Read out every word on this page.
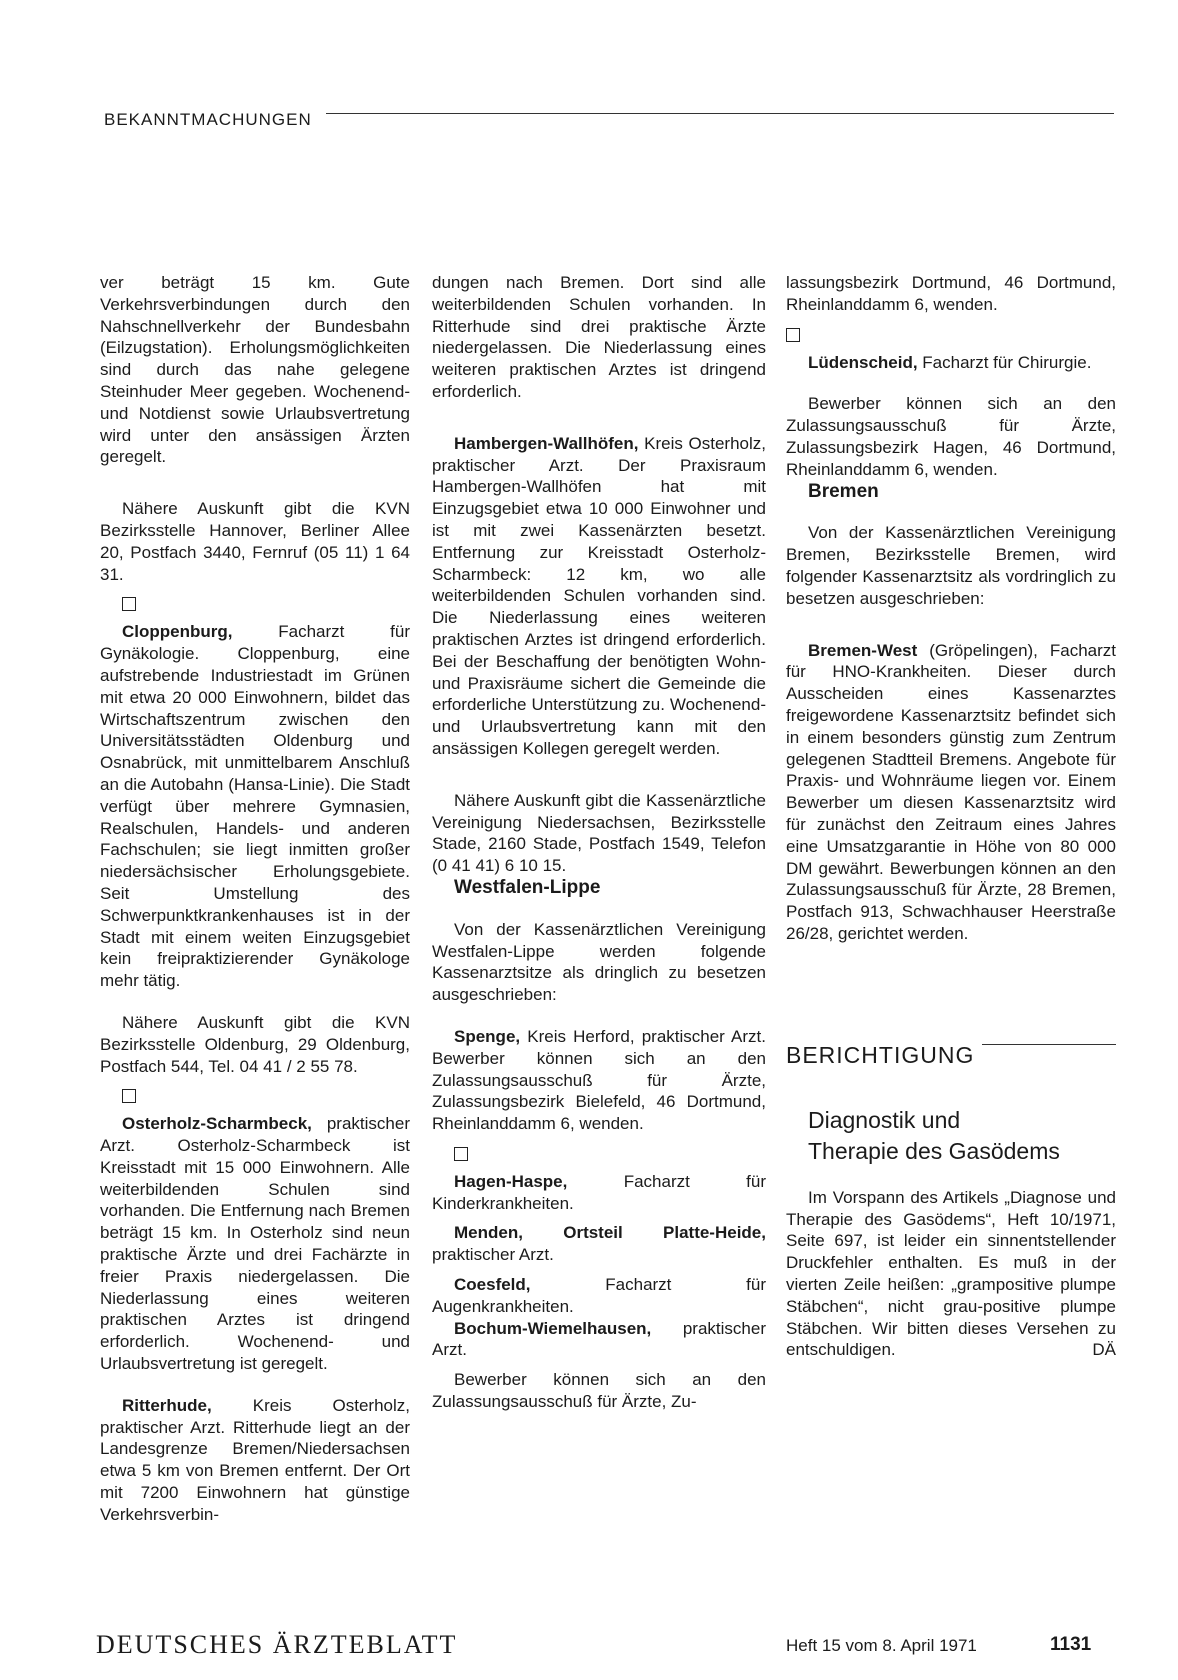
BEKANNTMACHUNGEN

ver beträgt 15 km. Gute Verkehrsverbindungen durch den Nahschnellverkehr der Bundesbahn (Eilzugstation). Erholungsmöglichkeiten sind durch das nahe gelegene Steinhuder Meer gegeben. Wochenend- und Notdienst sowie Urlaubsvertretung wird unter den ansässigen Ärzten geregelt.

Nähere Auskunft gibt die KVN Bezirksstelle Hannover, Berliner Allee 20, Postfach 3440, Fernruf (05 11) 1 64 31.

Cloppenburg, Facharzt für Gynäkologie. Cloppenburg, eine aufstrebende Industriestadt im Grünen mit etwa 20 000 Einwohnern, bildet das Wirtschaftszentrum zwischen den Universitätsstädten Oldenburg und Osnabrück, mit unmittelbarem Anschluß an die Autobahn (Hansa-Linie). Die Stadt verfügt über mehrere Gymnasien, Realschulen, Handels- und anderen Fachschulen; sie liegt inmitten großer niedersächsischer Erholungsgebiete. Seit Umstellung des Schwerpunktkrankenhauses ist in der Stadt mit einem weiten Einzugsgebiet kein freipraktizierender Gynäkologe mehr tätig.

Nähere Auskunft gibt die KVN Bezirksstelle Oldenburg, 29 Oldenburg, Postfach 544, Tel. 04 41 / 2 55 78.

Osterholz-Scharmbeck, praktischer Arzt. Osterholz-Scharmbeck ist Kreisstadt mit 15 000 Einwohnern. Alle weiterbildenden Schulen sind vorhanden. Die Entfernung nach Bremen beträgt 15 km. In Osterholz sind neun praktische Ärzte und drei Fachärzte in freier Praxis niedergelassen. Die Niederlassung eines weiteren praktischen Arztes ist dringend erforderlich. Wochenend- und Urlaubsvertretung ist geregelt.

Ritterhude, Kreis Osterholz, praktischer Arzt. Ritterhude liegt an der Landesgrenze Bremen/Niedersachsen etwa 5 km von Bremen entfernt. Der Ort mit 7200 Einwohnern hat günstige Verkehrsverbin-

dungen nach Bremen. Dort sind alle weiterbildenden Schulen vorhanden. In Ritterhude sind drei praktische Ärzte niedergelassen. Die Niederlassung eines weiteren praktischen Arztes ist dringend erforderlich.

Hambergen-Wallhöfen, Kreis Osterholz, praktischer Arzt. Der Praxisraum Hambergen-Wallhöfen hat mit Einzugsgebiet etwa 10 000 Einwohner und ist mit zwei Kassenärzten besetzt. Entfernung zur Kreisstadt Osterholz-Scharmbeck: 12 km, wo alle weiterbildenden Schulen vorhanden sind. Die Niederlassung eines weiteren praktischen Arztes ist dringend erforderlich. Bei der Beschaffung der benötigten Wohn- und Praxisräume sichert die Gemeinde die erforderliche Unterstützung zu. Wochenend- und Urlaubsvertretung kann mit den ansässigen Kollegen geregelt werden.

Nähere Auskunft gibt die Kassenärztliche Vereinigung Niedersachsen, Bezirksstelle Stade, 2160 Stade, Postfach 1549, Telefon (0 41 41) 6 10 15.

Westfalen-Lippe

Von der Kassenärztlichen Vereinigung Westfalen-Lippe werden folgende Kassenarztsitze als dringlich zu besetzen ausgeschrieben:

Spenge, Kreis Herford, praktischer Arzt. Bewerber können sich an den Zulassungsausschuß für Ärzte, Zulassungsbezirk Bielefeld, 46 Dortmund, Rheinlanddamm 6, wenden.

Hagen-Haspe, Facharzt für Kinderkrankheiten.

Menden, Ortsteil Platte-Heide, praktischer Arzt.

Coesfeld, Facharzt für Augenkrankheiten.

Bochum-Wiemelhausen, praktischer Arzt.

Bewerber können sich an den Zulassungsausschuß für Ärzte, Zu-

lassungsbezirk Dortmund, 46 Dortmund, Rheinlanddamm 6, wenden.

Lüdenscheid, Facharzt für Chirurgie.

Bewerber können sich an den Zulassungsausschuß für Ärzte, Zulassungsbezirk Hagen, 46 Dortmund, Rheinlanddamm 6, wenden.

Bremen

Von der Kassenärztlichen Vereinigung Bremen, Bezirksstelle Bremen, wird folgender Kassenarztsitz als vordringlich zu besetzen ausgeschrieben:

Bremen-West (Gröpelingen), Facharzt für HNO-Krankheiten. Dieser durch Ausscheiden eines Kassenarztes freigewordene Kassenarztsitz befindet sich in einem besonders günstig zum Zentrum gelegenen Stadtteil Bremens. Angebote für Praxis- und Wohnräume liegen vor. Einem Bewerber um diesen Kassenarztsitz wird für zunächst den Zeitraum eines Jahres eine Umsatzgarantie in Höhe von 80 000 DM gewährt. Bewerbungen können an den Zulassungsausschuß für Ärzte, 28 Bremen, Postfach 913, Schwachhauser Heerstraße 26/28, gerichtet werden.

BERICHTIGUNG
Diagnostik und
Therapie des Gasödems

Im Vorspann des Artikels „Diagnose und Therapie des Gasödems“, Heft 10/1971, Seite 697, ist leider ein sinnentstellender Druckfehler enthalten. Es muß in der vierten Zeile heißen: „grampositive plumpe Stäbchen“, nicht grau-positive plumpe Stäbchen. Wir bitten dieses Versehen zu entschuldigen.	DÄ

DEUTSCHES ÄRZTEBLATT	Heft 15 vom 8. April 1971	1131
